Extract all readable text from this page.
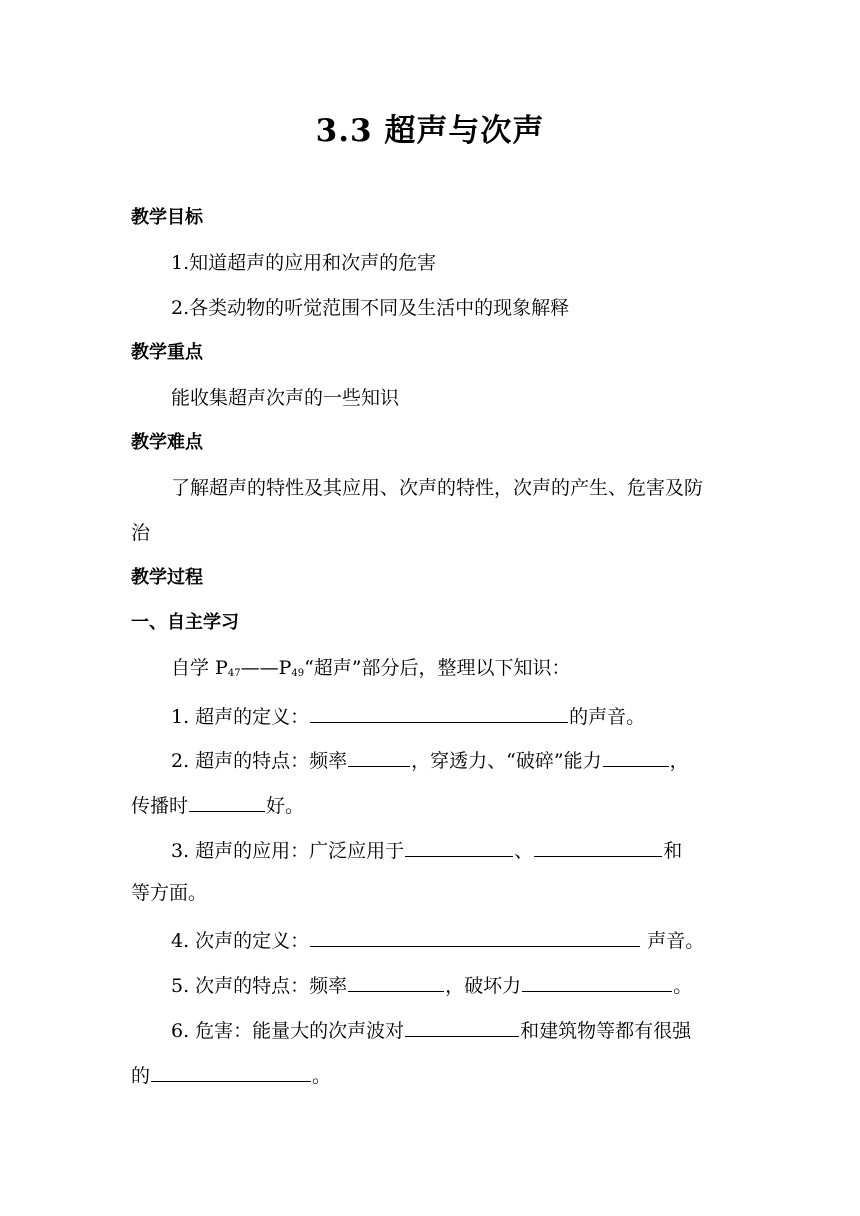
3.3 超声与次声
教学目标
1.知道超声的应用和次声的危害
2.各类动物的听觉范围不同及生活中的现象解释
教学重点
能收集超声次声的一些知识
教学难点
了解超声的特性及其应用、次声的特性，次声的产生、危害及防
治
教学过程
一、自主学习
自学 $P_{47}——P_{49}“$超声”部分后，整理以下知识：
1. 超声的定义：	的声音。
2. 超声的特点：频率	，穿透力、“破碎”能力	，
传播时	好。
3. 超声的应用：广泛应用于	、	和
等方面。
4. 次声的定义：	声音。
5. 次声的特点：频率	，破坏力	。
6. 危害：能量大的次声波对	和建筑物等都有很强
的	。
